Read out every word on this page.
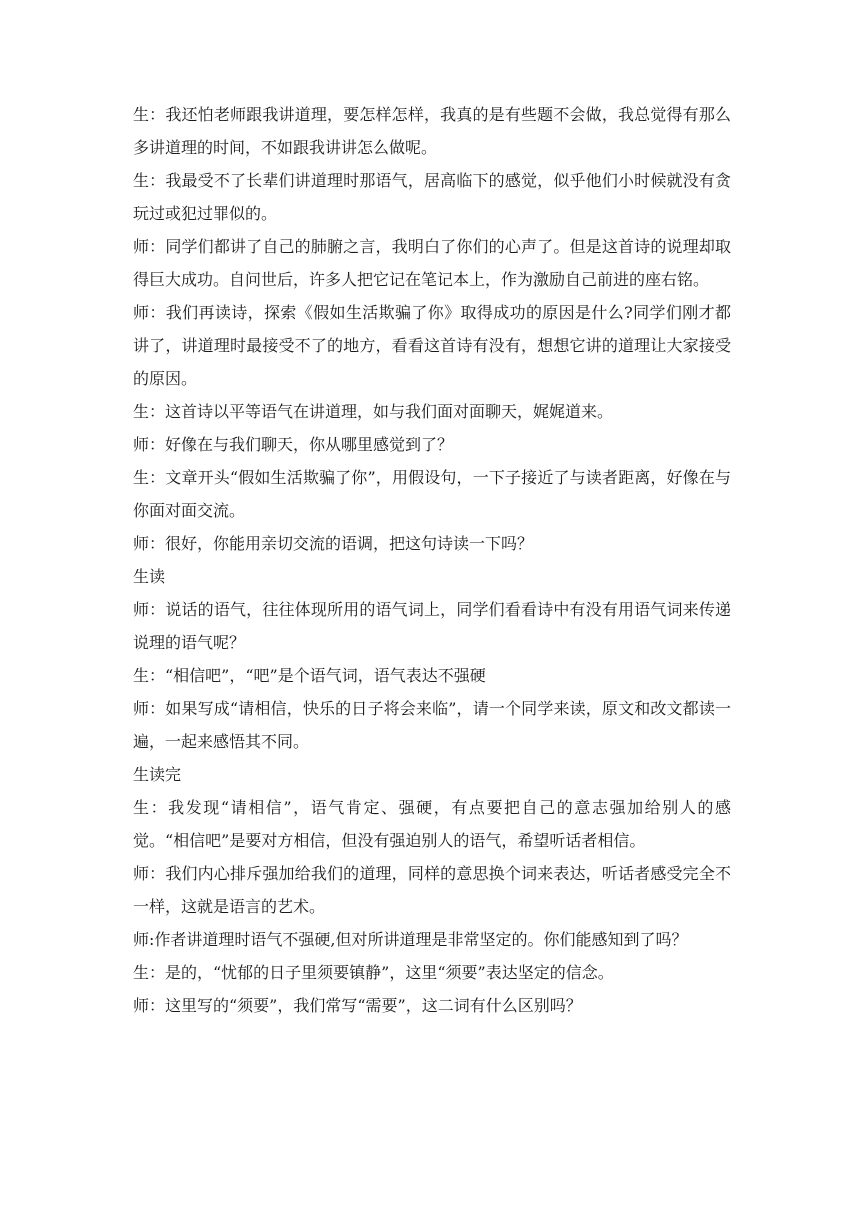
生：我还怕老师跟我讲道理，要怎样怎样，我真的是有些题不会做，我总觉得有那么多讲道理的时间，不如跟我讲讲怎么做呢。

生：我最受不了长辈们讲道理时那语气，居高临下的感觉，似乎他们小时候就没有贪玩过或犯过罪似的。

师：同学们都讲了自己的肺腑之言，我明白了你们的心声了。但是这首诗的说理却取得巨大成功。自问世后，许多人把它记在笔记本上，作为激励自己前进的座右铭。

师：我们再读诗，探索《假如生活欺骗了你》取得成功的原因是什么?同学们刚才都讲了，讲道理时最接受不了的地方，看看这首诗有没有，想想它讲的道理让大家接受的原因。

生：这首诗以平等语气在讲道理，如与我们面对面聊天，娓娓道来。

师：好像在与我们聊天，你从哪里感觉到了？

生：文章开头“假如生活欺骗了你”，用假设句，一下子接近了与读者距离，好像在与你面对面交流。

师：很好，你能用亲切交流的语调，把这句诗读一下吗？

生读

师：说话的语气，往往体现所用的语气词上，同学们看看诗中有没有用语气词来传递说理的语气呢？

生：“相信吧”，“吧”是个语气词，语气表达不强硬

师：如果写成“请相信，快乐的日子将会来临”，请一个同学来读，原文和改文都读一遍，一起来感悟其不同。

生读完

生：我发现“请相信”，语气肯定、强硬，有点要把自己的意志强加给别人的感觉。“相信吧”是要对方相信，但没有强迫别人的语气，希望听话者相信。

师：我们内心排斥强加给我们的道理，同样的意思换个词来表达，听话者感受完全不一样，这就是语言的艺术。

师:作者讲道理时语气不强硬,但对所讲道理是非常坚定的。你们能感知到了吗？

生：是的，“忧郁的日子里须要镇静”，这里“须要”表达坚定的信念。

师：这里写的“须要”，我们常写“需要”，这二词有什么区别吗？
